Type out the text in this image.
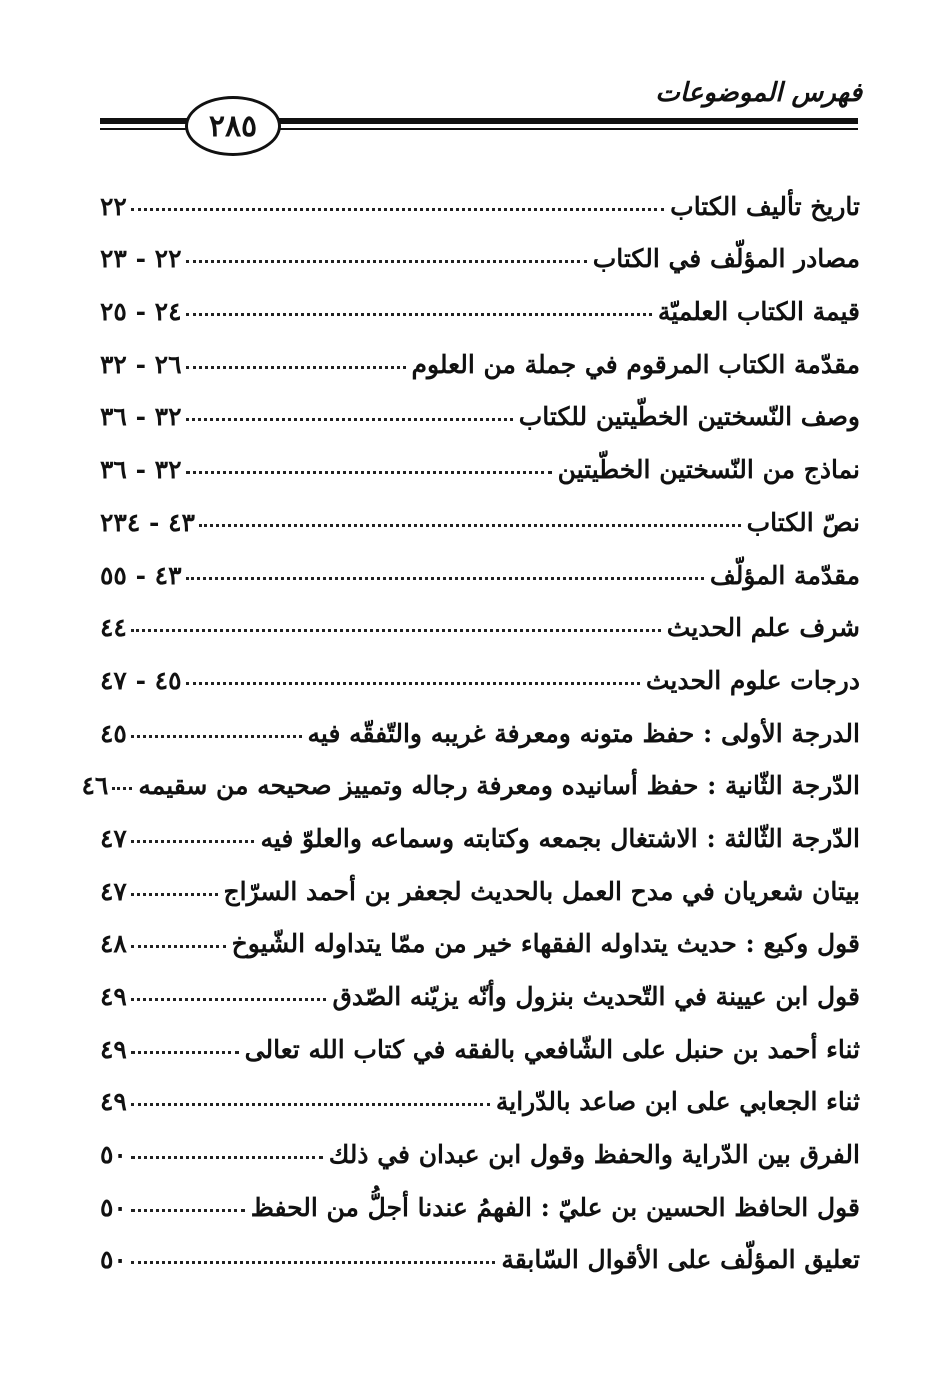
فهرس الموضوعات
٢٨٥
تاريخ تأليف الكتاب
٢٢
مصادر المؤلّف في الكتاب
٢٢ - ٢٣
قيمة الكتاب العلميّة
٢٤ - ٢٥
مقدّمة الكتاب المرقوم في جملة من العلوم
٢٦ - ٣٢
وصف النّسختين الخطّيتين للكتاب
٣٢ - ٣٦
نماذج من النّسختين الخطّيتين
٣٢ - ٣٦
نصّ الكتاب
٤٣ - ٢٣٤
مقدّمة المؤلّف
٤٣ - ٥٥
شرف علم الحديث
٤٤
درجات علوم الحديث
٤٥ - ٤٧
الدرجة الأولى : حفظ متونه ومعرفة غريبه والتّفقّه فيه
٤٥
الدّرجة الثّانية : حفظ أسانيده ومعرفة رجاله وتمييز صحيحه من سقيمه
٤٦
الدّرجة الثّالثة : الاشتغال بجمعه وكتابته وسماعه والعلوّ فيه
٤٧
بيتان شعريان في مدح العمل بالحديث لجعفر بن أحمد السرّاج
٤٧
قول وكيع : حديث يتداوله الفقهاء خير من ممّا يتداوله الشّيوخ
٤٨
قول ابن عيينة في التّحديث بنزول وأنّه يزيّنه الصّدق
٤٩
ثناء أحمد بن حنبل على الشّافعي بالفقه في كتاب الله تعالى
٤٩
ثناء الجعابي على ابن صاعد بالدّراية
٤٩
الفرق بين الدّراية والحفظ وقول ابن عبدان في ذلك
٥٠
قول الحافظ الحسين بن عليّ : الفهمُ عندنا أجلُّ من الحفظ
٥٠
تعليق المؤلّف على الأقوال السّابقة
٥٠
